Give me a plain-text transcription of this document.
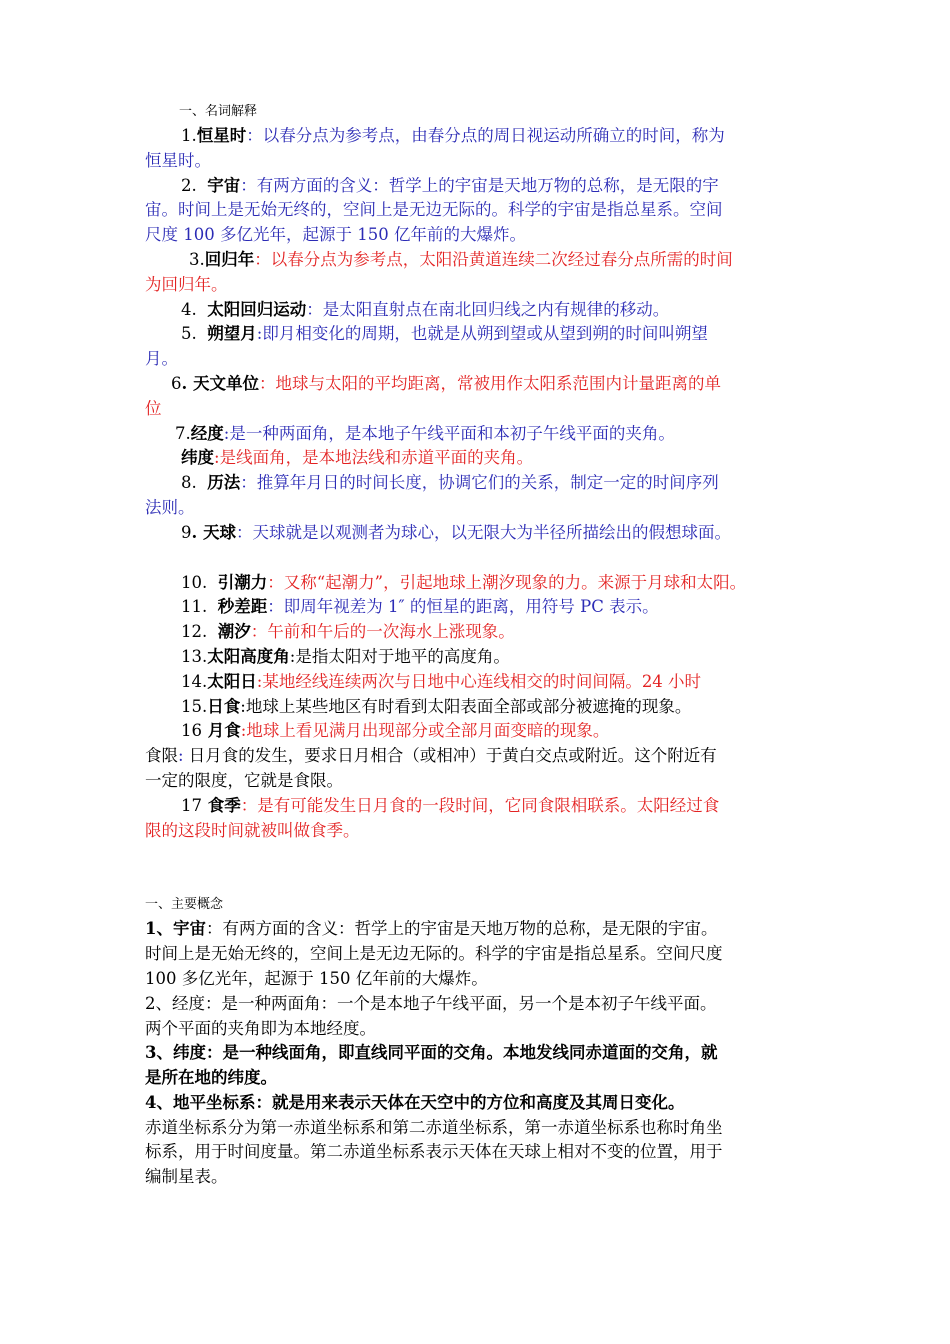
一、名词解释
1.恒星时：以春分点为参考点，由春分点的周日视运动所确立的时间，称为
恒星时。
2. 宇宙：有两方面的含义：哲学上的宇宙是天地万物的总称，是无限的宇
宙。时间上是无始无终的，空间上是无边无际的。科学的宇宙是指总星系。空间
尺度 100 多亿光年，起源于 150 亿年前的大爆炸。
3.回归年：以春分点为参考点，太阳沿黄道连续二次经过春分点所需的时间
为回归年。
4. 太阳回归运动：是太阳直射点在南北回归线之内有规律的移动。
5. 朔望月:即月相变化的周期，也就是从朔到望或从望到朔的时间叫朔望
月。
6. 天文单位：地球与太阳的平均距离，常被用作太阳系范围内计量距离的单
位
7.经度:是一种两面角，是本地子午线平面和本初子午线平面的夹角。
纬度:是线面角，是本地法线和赤道平面的夹角。
8. 历法：推算年月日的时间长度，协调它们的关系，制定一定的时间序列
法则。
9. 天球：天球就是以观测者为球心，以无限大为半径所描绘出的假想球面。
10. 引潮力：又称“起潮力”，引起地球上潮汐现象的力。来源于月球和太阳。
11. 秒差距：即周年视差为 1″ 的恒星的距离，用符号 PC 表示。
12. 潮汐：午前和午后的一次海水上涨现象。
13.太阳高度角:是指太阳对于地平的高度角。
14.太阳日:某地经线连续两次与日地中心连线相交的时间间隔。24 小时
15.日食:地球上某些地区有时看到太阳表面全部或部分被遮掩的现象。
16 月食:地球上看见满月出现部分或全部月面变暗的现象。
食限: 日月食的发生，要求日月相合（或相冲）于黄白交点或附近。这个附近有
一定的限度，它就是食限。
17 食季：是有可能发生日月食的一段时间，它同食限相联系。太阳经过食
限的这段时间就被叫做食季。
一、主要概念
1、宇宙：有两方面的含义：哲学上的宇宙是天地万物的总称，是无限的宇宙。
时间上是无始无终的，空间上是无边无际的。科学的宇宙是指总星系。空间尺度
100 多亿光年，起源于 150 亿年前的大爆炸。
2、经度：是一种两面角：一个是本地子午线平面，另一个是本初子午线平面。
两个平面的夹角即为本地经度。
3、纬度：是一种线面角，即直线同平面的交角。本地发线同赤道面的交角，就
是所在地的纬度。
4、地平坐标系：就是用来表示天体在天空中的方位和高度及其周日变化。
赤道坐标系分为第一赤道坐标系和第二赤道坐标系，第一赤道坐标系也称时角坐
标系，用于时间度量。第二赤道坐标系表示天体在天球上相对不变的位置，用于
编制星表。
